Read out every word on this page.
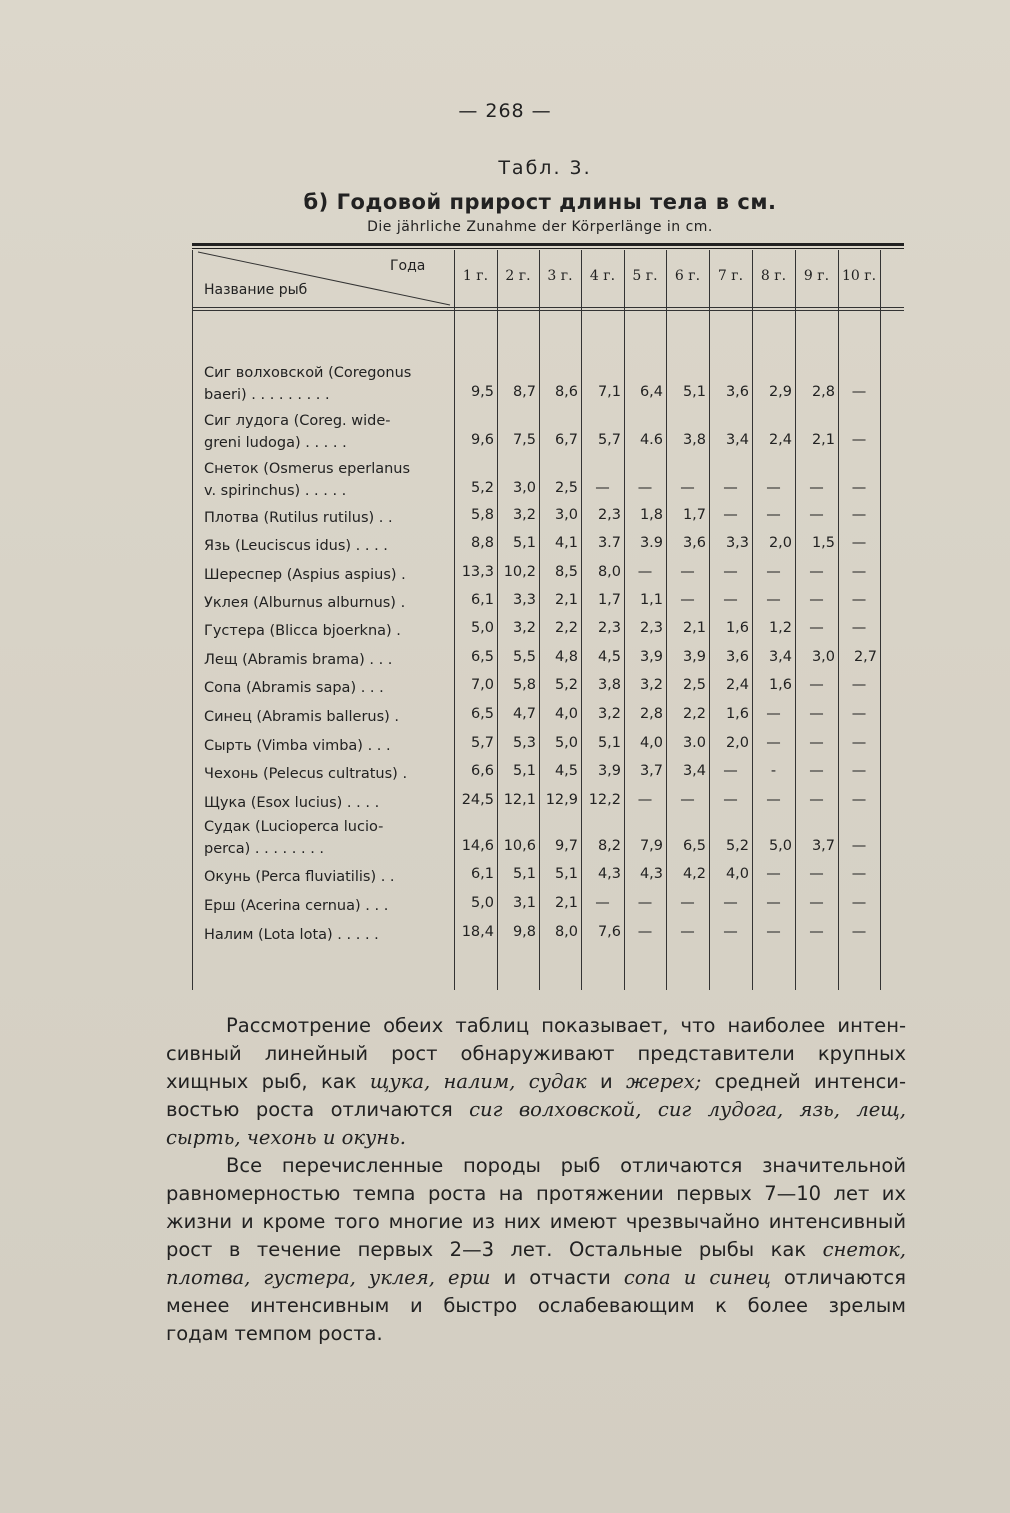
— 268 —
Табл. 3.
б) Годовой прирост длины тела в см.
Die jährliche Zunahme der Körperlänge in cm.
Года
Название рыб
1 г.	2 г.	3 г.	4 г.	5 г.	6 г.	7 г.	8 г.	9 г. 10 г.
Сиг волховской (Coregonus
baeri) . . . . . . . . .	9,5	8,7	8,6	7,1	6,4	5,1	3,6	2,9	2,8	—
Сиг лудога (Coreg. wide-
greni ludoga) . . . . .	9,6	7,5	6,7	5,7	4.6	3,8	3,4	2,4	2,1	—
Снеток (Osmerus eperlanus
v. spirinchus) . . . . .	5,2	3,0	2,5	—	—	—	—	—	—	—
Плотва (Rutilus rutilus) . .	5,8	3,2	3,0	2,3	1,8	1,7	—	—	—	—
Язь (Leuciscus idus) . . . .	8,8	5,1	4,1	3.7	3.9	3,6	3,3	2,0	1,5	—
Шереспер (Aspius aspius) .	13,3 10,2	8,5	8,0	—	—	—	—	—	—
Уклея (Alburnus alburnus) .	6,1	3,3	2,1	1,7	1,1	—	—	—	—	—
Густера (Blicca bjoerkna) .	5,0	3,2	2,2	2,3	2,3	2,1	1,6	1,2	—	—
Лещ (Abramis brama) . . .	6,5	5,5	4,8	4,5	3,9	3,9	3,6	3,4	3,0	2,7
Сопа (Abramis sapa) . . .	7,0	5,8	5,2	3,8	3,2	2,5	2,4	1,6	—	—
Синец (Abramis ballerus) .	6,5	4,7	4,0	3,2	2,8	2,2	1,6	—	—	—
Сырть (Vimba vimba) . . .	5,7	5,3	5,0	5,1	4,0	3.0	2,0	—	—	—
Чехонь (Pelecus cultratus) .	6,6	5,1	4,5	3,9	3,7	3,4	—	-	—	—
Щука (Esox lucius) . . . .	24,5 12,1 12,9 12,2	—	—	—	—	—	—
Судак (Lucioperca lucio-
perca) . . . . . . . .	14,6 10,6	9,7	8,2	7,9	6,5	5,2	5,0	3,7	—
Окунь (Perca fluviatilis) . .	6,1	5,1	5,1	4,3	4,3	4,2	4,0	—	—	—
Ерш (Acerina cernua) . . .	5,0	3,1	2,1	—	—	—	—	—	—	—
Налим (Lota lota) . . . . .	18,4	9,8	8,0	7,6	—	—	—	—	—	—
Рассмотрение обеих таблиц показывает, что наиболее интен-
сивный линейный рост обнаруживают представители крупных
хищных рыб, как щука, налим, судак и жерех; средней интенси-
востью роста отличаются сиг волховской, сиг лудога, язь, лещ,
сырть, чехонь и окунь.
Все перечисленные породы рыб отличаются значительной
равномерностью темпа роста на протяжении первых 7—10 лет их
жизни и кроме того многие из них имеют чрезвычайно интенсивный
рост в течение первых 2—3 лет. Остальные рыбы как снеток,
плотва, густера, уклея, ерш и отчасти сопа и синец отличаются
менее интенсивным и быстро ослабевающим к более зрелым
годам темпом роста.
